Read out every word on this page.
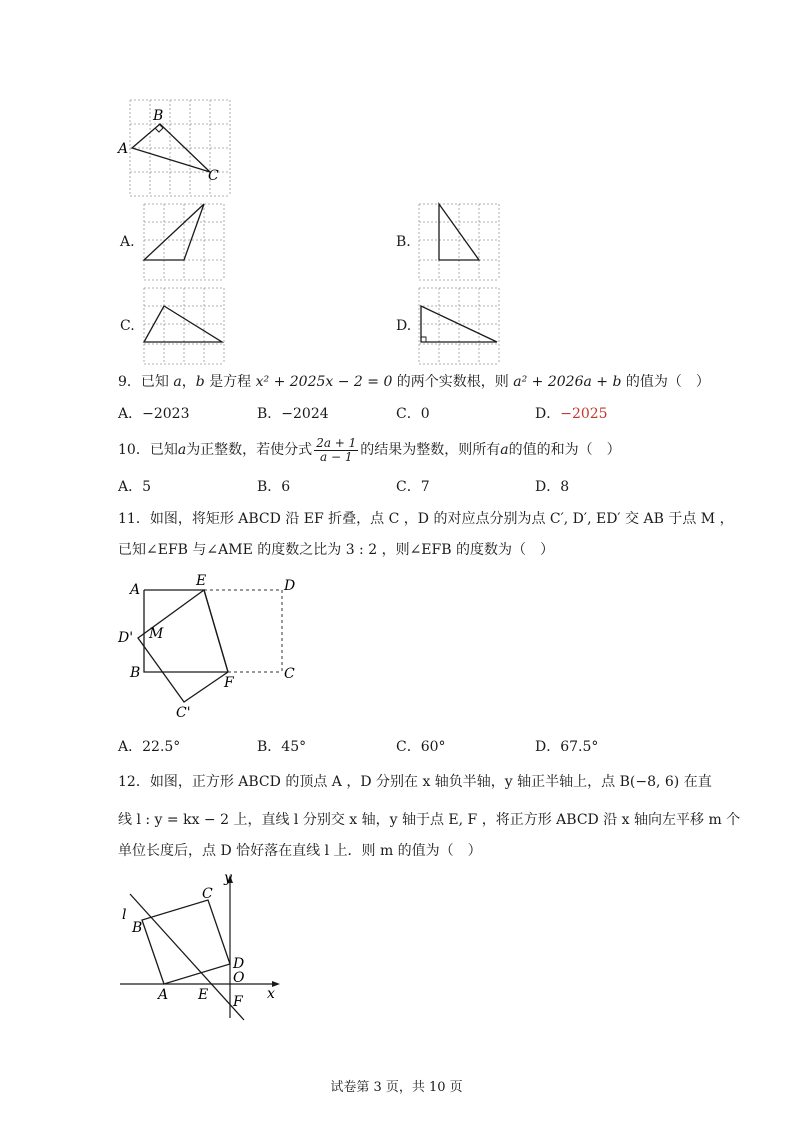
A
B
C
A.	B.
C.	D.
9．已知 a，b 是方程 x² + 2025x − 2 = 0 的两个实数根，则 a² + 2026a + b 的值为（　）
A．−2023	B．−2024	C．0	D．−2025
10． 已知 a 为正整数，若使分式 $\frac{2a + 1}{a - 1}$ 的结果为整数，则所有 a 的值的和为（　）
A．5	B．6	C．7	D．8
11．如图，将矩形 ABCD 沿 EF 折叠，点 C ，D 的对应点分别为点 C′, D′, ED′ 交 AB 于点 M ，
已知∠EFB 与∠AME 的度数之比为 3 : 2 ，则∠EFB 的度数为（　）
A
E	D
D' M
B
F
C
C'
A．22.5°	B．45°	C．60°	D．67.5°
12．如图，正方形 ABCD 的顶点 A ，D 分别在 x 轴负半轴，y 轴正半轴上，点 B(−8, 6) 在直
线 l : y = kx − 2 上，直线 l 分别交 x 轴，y 轴于点 E, F ，将正方形 ABCD 沿 x 轴向左平移 m 个
单位长度后，点 D 恰好落在直线 l 上．则 m 的值为（　）
y
C
l
B
D
O
A E	x
F
试卷第 3 页，共 10 页
